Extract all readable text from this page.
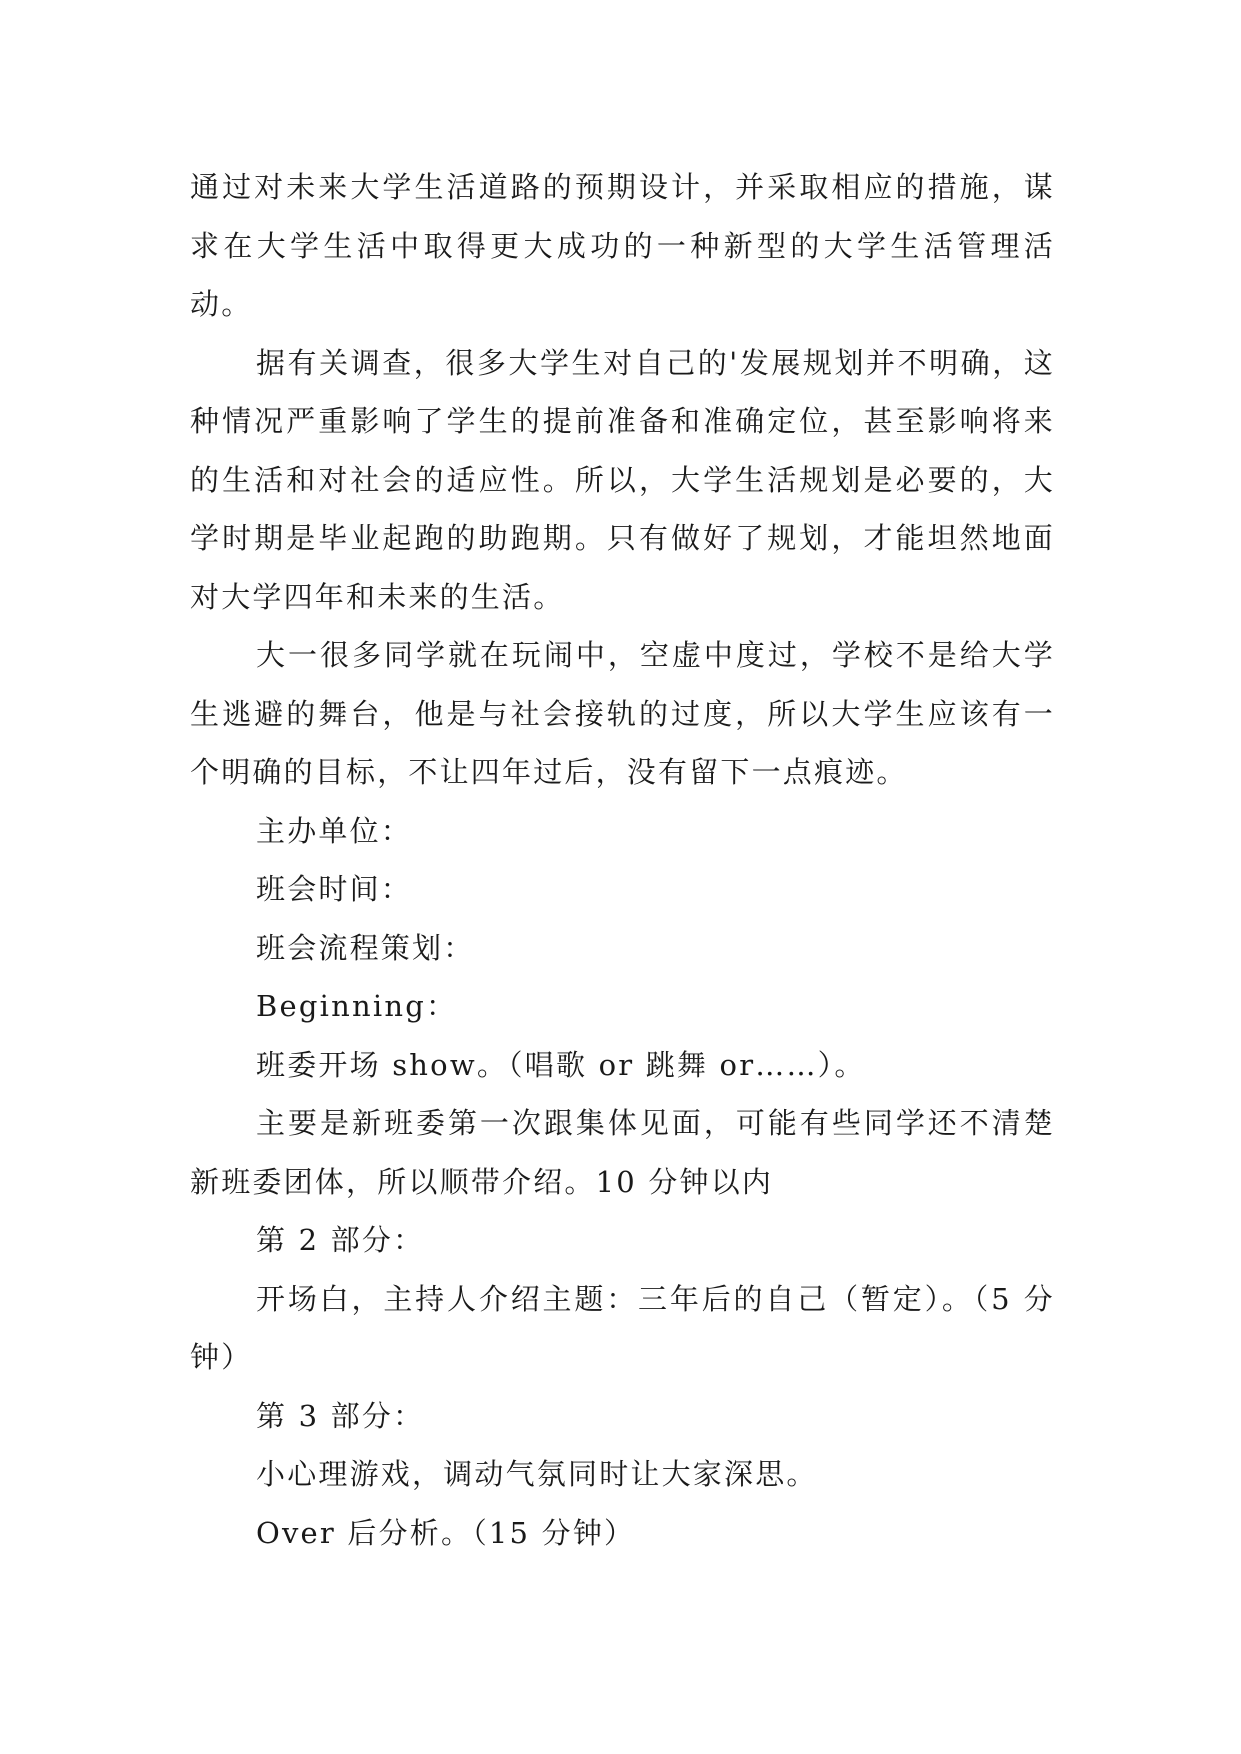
通过对未来大学生活道路的预期设计，并采取相应的措施，谋求在大学生活中取得更大成功的一种新型的大学生活管理活动。

据有关调查，很多大学生对自己的'发展规划并不明确，这种情况严重影响了学生的提前准备和准确定位，甚至影响将来的生活和对社会的适应性。所以，大学生活规划是必要的，大学时期是毕业起跑的助跑期。只有做好了规划，才能坦然地面对大学四年和未来的生活。

大一很多同学就在玩闹中，空虚中度过，学校不是给大学生逃避的舞台，他是与社会接轨的过度，所以大学生应该有一个明确的目标，不让四年过后，没有留下一点痕迹。

主办单位：

班会时间：

班会流程策划：

Beginning：

班委开场 show。（唱歌 or 跳舞 or……）。

主要是新班委第一次跟集体见面，可能有些同学还不清楚新班委团体，所以顺带介绍。10 分钟以内

第 2 部分：

开场白，主持人介绍主题：三年后的自己（暂定）。（5 分钟）

第 3 部分：

小心理游戏，调动气氛同时让大家深思。

Over 后分析。（15 分钟）
